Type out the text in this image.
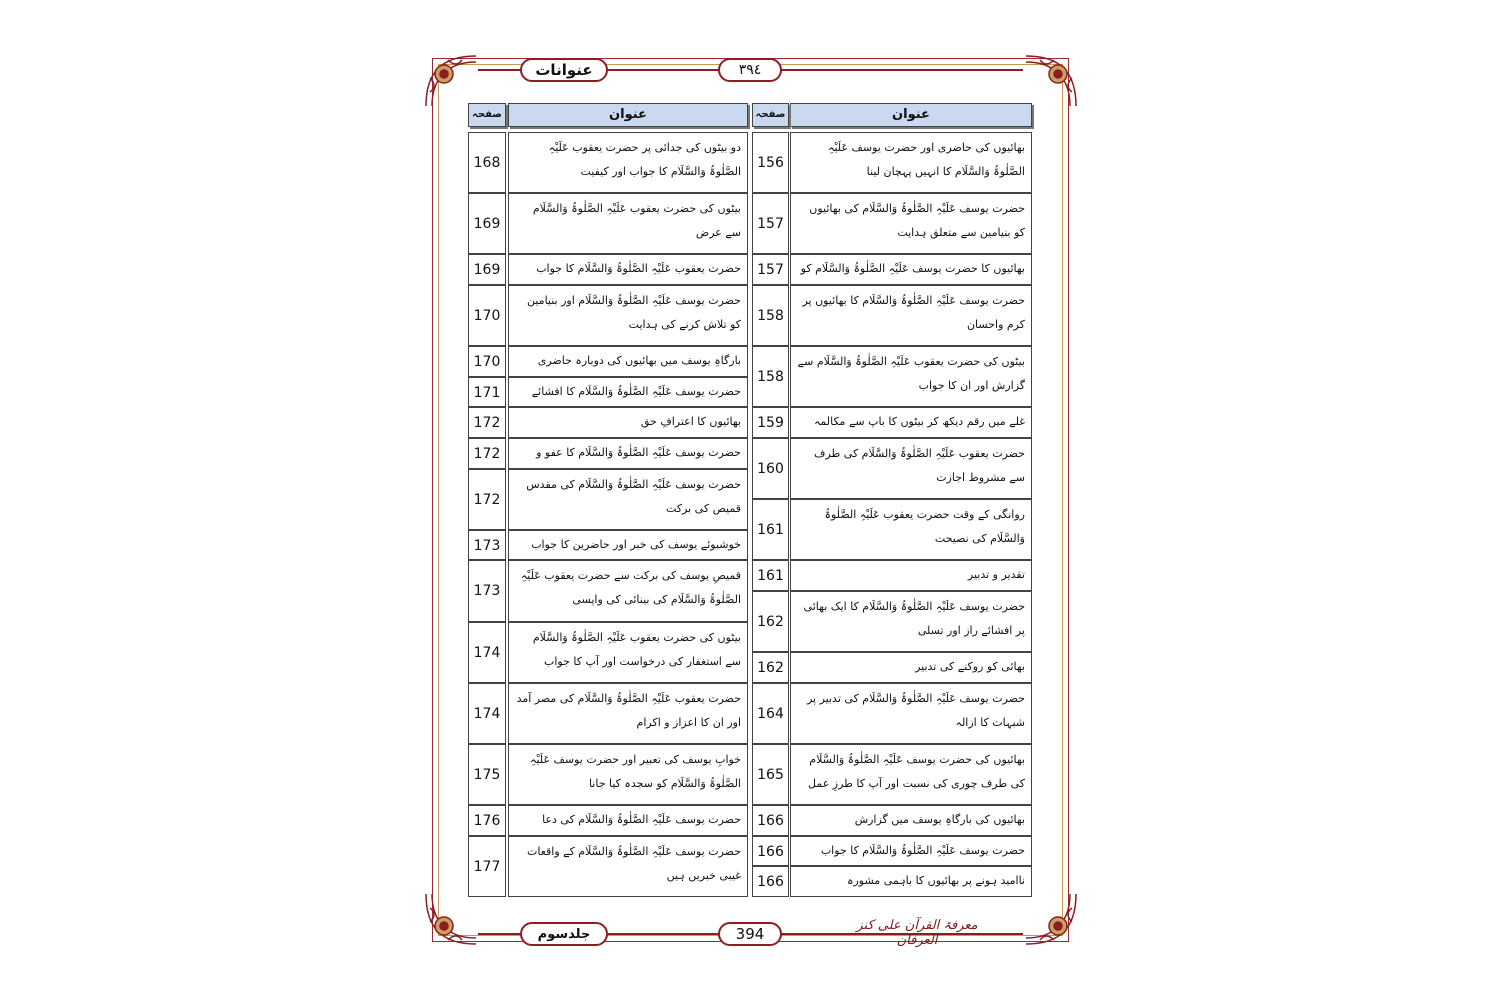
عنوانات	۳۹٤
جلدسوم	394	معرفۃ القرآن علی کنز العرفان
عنوان
صفحہ
بھائیوں کی حاضری اور حضرت یوسف عَلَیْہِ الصَّلٰوۃُ وَالسَّلَام کا انہیں پہچان لینا
156
حضرت یوسف عَلَیْہِ الصَّلٰوۃُ وَالسَّلَام کی بھائیوں کو بنیامین سے متعلق ہدایت
157
بھائیوں کا حضرت یوسف عَلَیْہِ الصَّلٰوۃُ وَالسَّلَام کو
157
حضرت یوسف عَلَیْہِ الصَّلٰوۃُ وَالسَّلَام کا بھائیوں پر کرم واحسان
158
بیٹوں کی حضرت یعقوب عَلَیْہِ الصَّلٰوۃُ وَالسَّلَام سے گزارش اور ان کا جواب
158
غلے میں رقم دیکھ کر بیٹوں کا باپ سے مکالمہ
159
حضرت یعقوب عَلَیْہِ الصَّلٰوۃُ وَالسَّلَام کی طرف سے مشروط اجازت
160
روانگی کے وقت حضرت یعقوب عَلَیْہِ الصَّلٰوۃُ وَالسَّلَام کی نصیحت
161
تقدیر و تدبیر
161
حضرت یوسف عَلَیْہِ الصَّلٰوۃُ وَالسَّلَام کا ایک بھائی پر افشائے راز اور تسلی
162
بھائی کو روکنے کی تدبیر
162
حضرت یوسف عَلَیْہِ الصَّلٰوۃُ وَالسَّلَام کی تدبیر پر شبہات کا ازالہ
164
بھائیوں کی حضرت یوسف عَلَیْہِ الصَّلٰوۃُ وَالسَّلَام کی طرف چوری کی نسبت اور آپ کا طرزِ عمل
165
بھائیوں کی بارگاہِ یوسف میں گزارش
166
حضرت یوسف عَلَیْہِ الصَّلٰوۃُ وَالسَّلَام کا جواب
166
ناامید ہونے پر بھائیوں کا باہمی مشورہ
166
عنوان
صفحہ
دو بیٹوں کی جدائی پر حضرت یعقوب عَلَیْہِ الصَّلٰوۃُ وَالسَّلَام کا جواب اور کیفیت
168
بیٹوں کی حضرت یعقوب عَلَیْہِ الصَّلٰوۃُ وَالسَّلَام سے عرض
169
حضرت یعقوب عَلَیْہِ الصَّلٰوۃُ وَالسَّلَام کا جواب
169
حضرت یوسف عَلَیْہِ الصَّلٰوۃُ وَالسَّلَام اور بنیامین کو تلاش کرنے کی ہدایت
170
بارگاہِ یوسف میں بھائیوں کی دوبارہ حاضری
170
حضرت یوسف عَلَیْہِ الصَّلٰوۃُ وَالسَّلَام کا افشائے
171
بھائیوں کا اعترافِ حق
172
حضرت یوسف عَلَیْہِ الصَّلٰوۃُ وَالسَّلَام کا عفو و
172
حضرت یوسف عَلَیْہِ الصَّلٰوۃُ وَالسَّلَام کی مقدس قمیص کی برکت
172
خوشبوئے یوسف کی خبر اور حاضرین کا جواب
173
قمیصِ یوسف کی برکت سے حضرت یعقوب عَلَیْہِ الصَّلٰوۃُ وَالسَّلَام کی بینائی کی واپسی
173
بیٹوں کی حضرت یعقوب عَلَیْہِ الصَّلٰوۃُ وَالسَّلَام سے استغفار کی درخواست اور آپ کا جواب
174
حضرت یعقوب عَلَیْہِ الصَّلٰوۃُ وَالسَّلَام کی مصر آمد اور ان کا اعزاز و اکرام
174
خوابِ یوسف کی تعبیر اور حضرت یوسف عَلَیْہِ الصَّلٰوۃُ وَالسَّلَام کو سجدہ کیا جانا
175
حضرت یوسف عَلَیْہِ الصَّلٰوۃُ وَالسَّلَام کی دعا
176
حضرت یوسف عَلَیْہِ الصَّلٰوۃُ وَالسَّلَام کے واقعات غیبی خبریں ہیں
177
